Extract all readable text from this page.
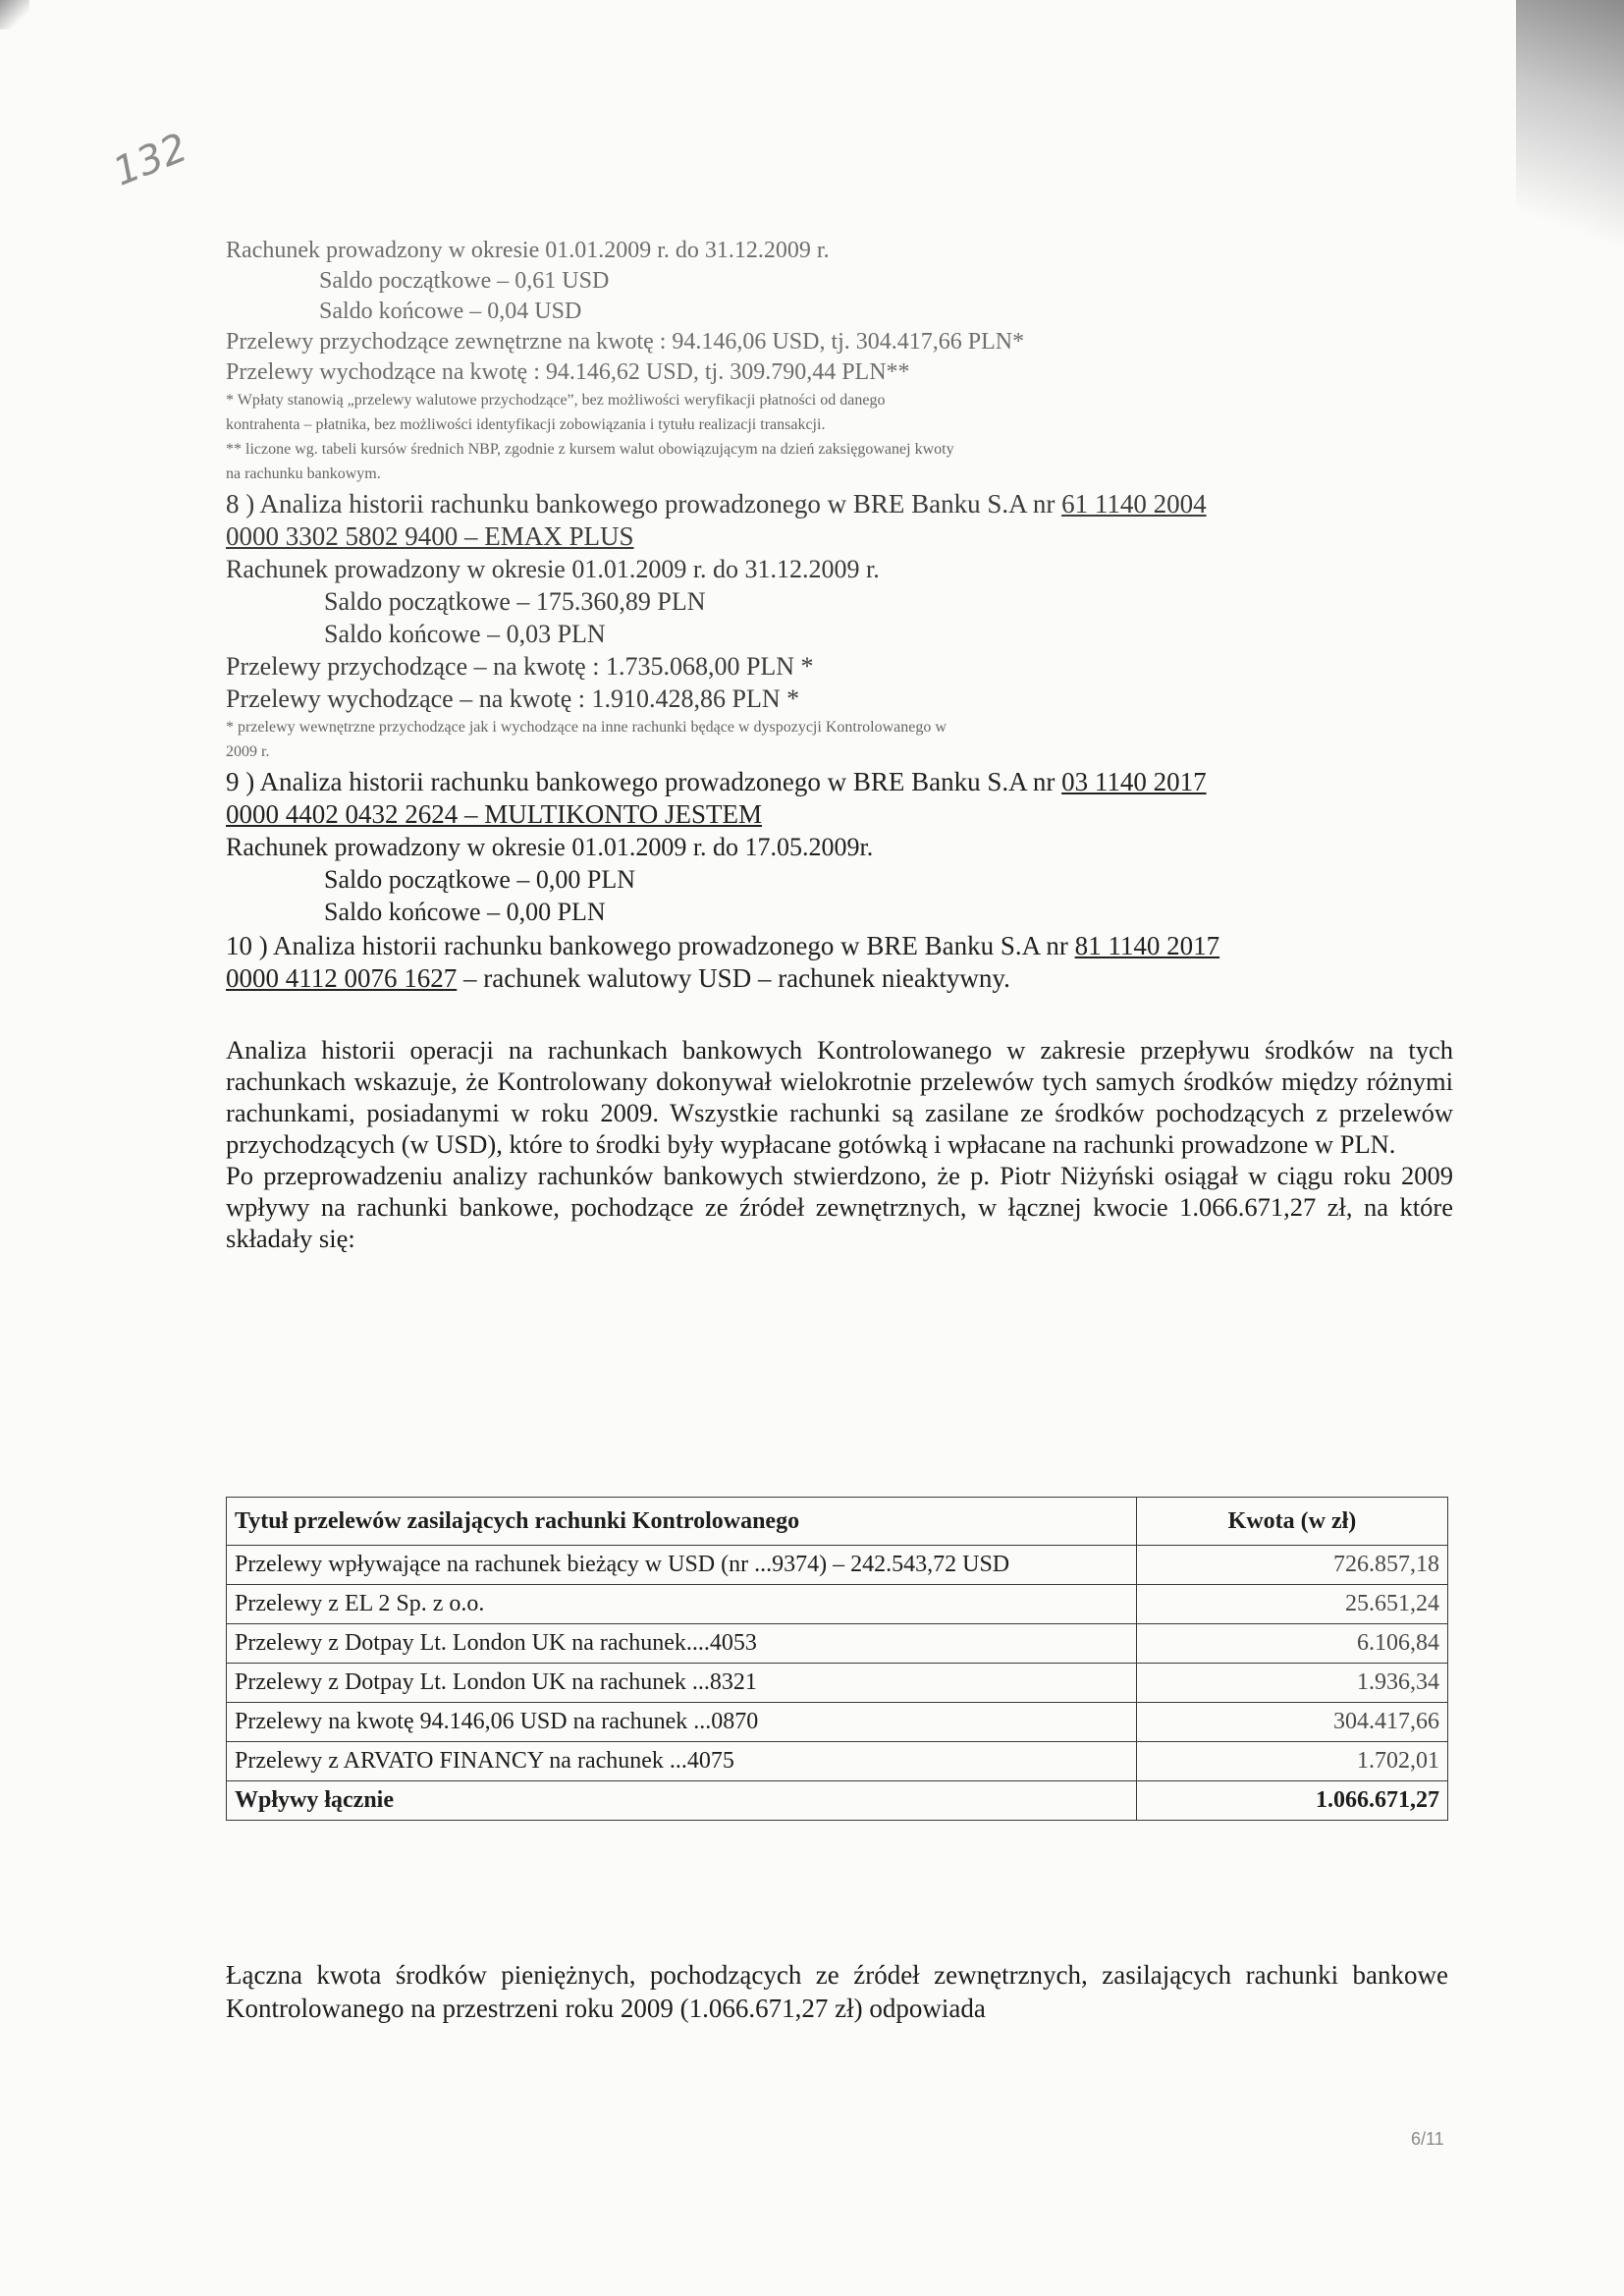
132
Rachunek prowadzony w okresie 01.01.2009 r. do 31.12.2009 r.
Saldo początkowe – 0,61 USD
Saldo końcowe – 0,04 USD
Przelewy przychodzące zewnętrzne na kwotę : 94.146,06 USD, tj. 304.417,66 PLN*
Przelewy wychodzące na kwotę : 94.146,62 USD, tj. 309.790,44 PLN**
* Wpłaty stanowią „przelewy walutowe przychodzące”, bez możliwości weryfikacji płatności od danego
kontrahenta – płatnika, bez możliwości identyfikacji zobowiązania i tytułu realizacji transakcji.
** liczone wg. tabeli kursów średnich NBP, zgodnie z kursem walut obowiązującym na dzień zaksięgowanej kwoty
na rachunku bankowym.
8 ) Analiza historii rachunku bankowego prowadzonego w BRE Banku S.A nr 61 1140 2004
0000 3302 5802 9400 – EMAX PLUS
Rachunek prowadzony w okresie 01.01.2009 r. do 31.12.2009 r.
Saldo początkowe – 175.360,89 PLN
Saldo końcowe – 0,03 PLN
Przelewy przychodzące – na kwotę : 1.735.068,00 PLN *
Przelewy wychodzące – na kwotę : 1.910.428,86 PLN *
* przelewy wewnętrzne przychodzące jak i wychodzące na inne rachunki będące w dyspozycji Kontrolowanego w
2009 r.
9 ) Analiza historii rachunku bankowego prowadzonego w BRE Banku S.A nr 03 1140 2017
0000 4402 0432 2624 – MULTIKONTO JESTEM
Rachunek prowadzony w okresie 01.01.2009 r. do 17.05.2009r.
Saldo początkowe – 0,00 PLN
Saldo końcowe – 0,00 PLN
10 ) Analiza historii rachunku bankowego prowadzonego w BRE Banku S.A nr 81 1140 2017
0000 4112 0076 1627 – rachunek walutowy USD – rachunek nieaktywny.
Analiza historii operacji na rachunkach bankowych Kontrolowanego w zakresie przepływu środków na tych rachunkach wskazuje, że Kontrolowany dokonywał wielokrotnie przelewów tych samych środków między różnymi rachunkami, posiadanymi w roku 2009. Wszystkie rachunki są zasilane ze środków pochodzących z przelewów przychodzących (w USD), które to środki były wypłacane gotówką i wpłacane na rachunki prowadzone w PLN.
Po przeprowadzeniu analizy rachunków bankowych stwierdzono, że p. Piotr Niżyński osiągał w ciągu roku 2009 wpływy na rachunki bankowe, pochodzące ze źródeł zewnętrznych, w łącznej kwocie 1.066.671,27 zł, na które składały się:
Tytuł przelewów zasilających rachunki Kontrolowanego	Kwota (w zł)
Przelewy wpływające na rachunek bieżący w USD (nr ...9374) – 242.543,72 USD	726.857,18
Przelewy z EL 2 Sp. z o.o.	25.651,24
Przelewy z Dotpay Lt. London UK na rachunek....4053	6.106,84
Przelewy z Dotpay Lt. London UK na rachunek ...8321	1.936,34
Przelewy na kwotę 94.146,06 USD na rachunek ...0870	304.417,66
Przelewy z ARVATO FINANCY na rachunek ...4075	1.702,01
Wpływy łącznie	1.066.671,27
Łączna kwota środków pieniężnych, pochodzących ze źródeł zewnętrznych, zasilających rachunki bankowe Kontrolowanego na przestrzeni roku 2009 (1.066.671,27 zł) odpowiada
6/11
